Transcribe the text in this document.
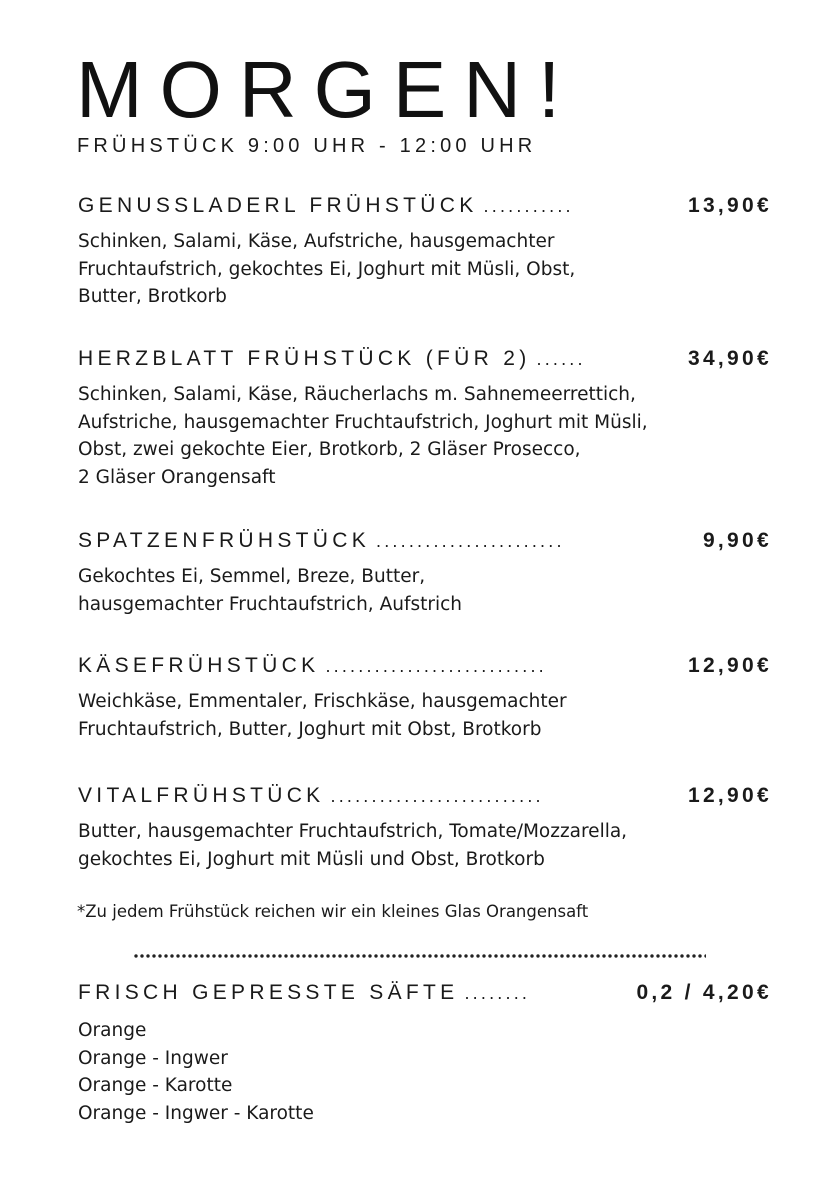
MORGEN!
FRÜHSTÜCK 9:00 UHR - 12:00 UHR
GENUSSLADERL FRÜHSTÜCK ...........	13,90€
Schinken, Salami, Käse, Aufstriche, hausgemachter
Fruchtaufstrich, gekochtes Ei, Joghurt mit Müsli, Obst,
Butter, Brotkorb
HERZBLATT FRÜHSTÜCK (FÜR 2) ......	34,90€
Schinken, Salami, Käse, Räucherlachs m. Sahnemeerrettich,
Aufstriche, hausgemachter Fruchtaufstrich, Joghurt mit Müsli,
Obst, zwei gekochte Eier, Brotkorb, 2 Gläser Prosecco,
2 Gläser Orangensaft
SPATZENFRÜHSTÜCK .......................	9,90€
Gekochtes Ei, Semmel, Breze, Butter,
hausgemachter Fruchtaufstrich, Aufstrich
KÄSEFRÜHSTÜCK ...........................	12,90€
Weichkäse, Emmentaler, Frischkäse, hausgemachter
Fruchtaufstrich, Butter, Joghurt mit Obst, Brotkorb
VITALFRÜHSTÜCK ..........................	12,90€
Butter, hausgemachter Fruchtaufstrich, Tomate/Mozzarella,
gekochtes Ei, Joghurt mit Müsli und Obst, Brotkorb
*Zu jedem Frühstück reichen wir ein kleines Glas Orangensaft
FRISCH GEPRESSTE SÄFTE ........	0,2 / 4,20€
Orange
Orange - Ingwer
Orange - Karotte
Orange - Ingwer - Karotte
